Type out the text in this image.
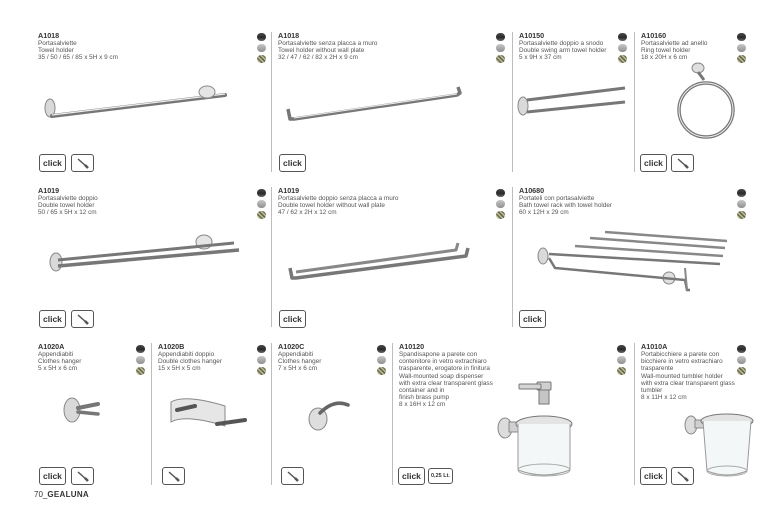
A1018
Portasalviette
Towel holder
35 / 50 / 65 / 85 x 5H x 9 cm
click
A1018
Portasalviette senza placca a muro
Towel holder without wall plate
32 / 47 / 62 / 82 x 2H x 9 cm
click
A10150
Portasalviette doppio a snodo
Double swing arm towel holder
5 x 9H x 37 cm
A10160
Portasalviette ad anello
Ring towel holder
18 x 20H x 6 cm
click
A1019
Portasalviette doppio
Double towel holder
50 / 65 x 5H x 12 cm
click
A1019
Portasalviette doppio senza placca a muro
Double towel holder without wall plate
47 / 62 x 2H x 12 cm
click
A10680
Portateli con portasalviette
Bath towel rack with towel holder
60 x 12H x 29 cm
click
A1020A
Appendiabiti
Clothes hanger
5 x 5H x 6 cm
click
A1020B
Appendiabiti doppio
Double clothes hanger
15 x 5H x 5 cm
A1020C
Appendiabiti
Clothes hanger
7 x 5H x 6 cm
A10120
Spandisapone a parete con
contenitore in vetro extrachiaro
trasparente, erogatore in finitura
Wall-mounted soap dispenser
with extra clear transparent glass
container and in
finish brass pump
8 x 16H x 12 cm
click	0,25 Lt.
A1010A
Portabicchiere a parete con
bicchiere in vetro extrachiaro
trasparente
Wall-mounted tumbler holder
with extra clear transparent glass
tumbler
8 x 11H x 12 cm
click
70_GEALUNA
